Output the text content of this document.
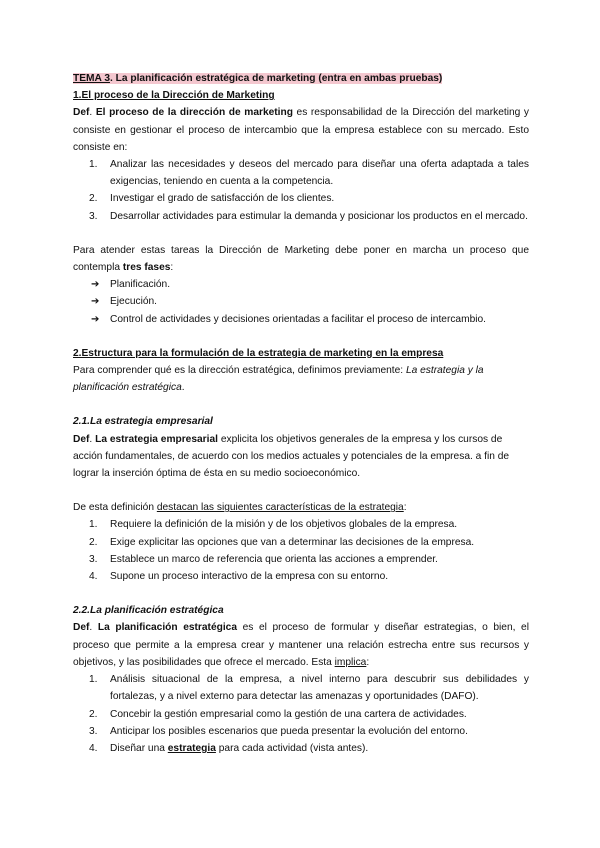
TEMA 3. La planificación estratégica de marketing (entra en ambas pruebas)

1.El proceso de la Dirección de Marketing

Def. El proceso de la dirección de marketing es responsabilidad de la Dirección del marketing y consiste en gestionar el proceso de intercambio que la empresa establece con su mercado. Esto consiste en:

1. Analizar las necesidades y deseos del mercado para diseñar una oferta adaptada a tales exigencias, teniendo en cuenta a la competencia.
2. Investigar el grado de satisfacción de los clientes.
3. Desarrollar actividades para estimular la demanda y posicionar los productos en el mercado.

Para atender estas tareas la Dirección de Marketing debe poner en marcha un proceso que contempla tres fases:

➔ Planificación.
➔ Ejecución.
➔ Control de actividades y decisiones orientadas a facilitar el proceso de intercambio.

2.Estructura para la formulación de la estrategia de marketing en la empresa

Para comprender qué es la dirección estratégica, definimos previamente: La estrategia y la planificación estratégica.

2.1.La estrategia empresarial

Def. La estrategia empresarial explicita los objetivos generales de la empresa y los cursos de acción fundamentales, de acuerdo con los medios actuales y potenciales de la empresa. a fin de lograr la inserción óptima de ésta en su medio socioeconómico.

De esta definición destacan las siguientes características de la estrategia:

1. Requiere la definición de la misión y de los objetivos globales de la empresa.
2. Exige explicitar las opciones que van a determinar las decisiones de la empresa.
3. Establece un marco de referencia que orienta las acciones a emprender.
4. Supone un proceso interactivo de la empresa con su entorno.

2.2.La planificación estratégica

Def. La planificación estratégica es el proceso de formular y diseñar estrategias, o bien, el proceso que permite a la empresa crear y mantener una relación estrecha entre sus recursos y objetivos, y las posibilidades que ofrece el mercado. Esta implica:

1. Análisis situacional de la empresa, a nivel interno para descubrir sus debilidades y fortalezas, y a nivel externo para detectar las amenazas y oportunidades (DAFO).
2. Concebir la gestión empresarial como la gestión de una cartera de actividades.
3. Anticipar los posibles escenarios que pueda presentar la evolución del entorno.
4. Diseñar una estrategia para cada actividad (vista antes).
